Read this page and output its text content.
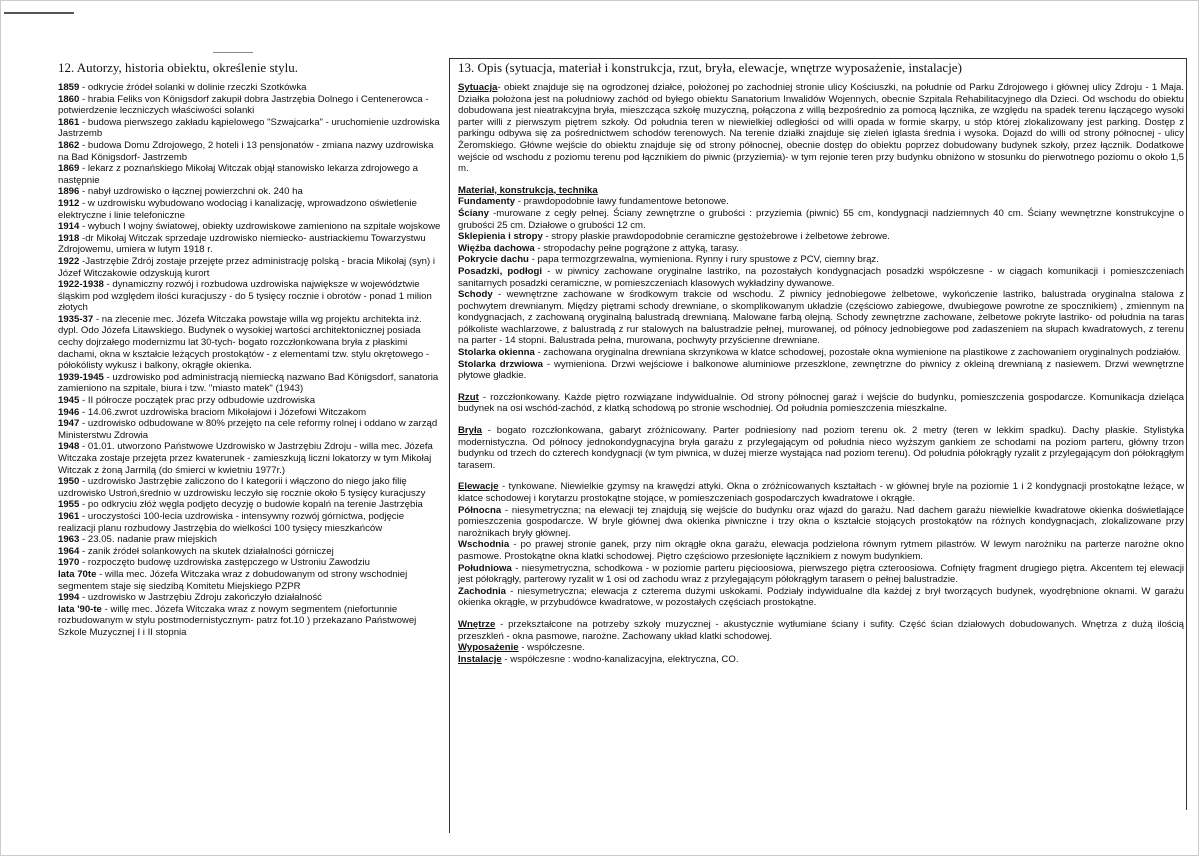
12. Autorzy, historia obiektu, określenie stylu.
1859 - odkrycie źródeł solanki w dolinie rzeczki Szotkówka
1860 - hrabia Feliks von Königsdorf zakupił dobra Jastrzębia Dolnego i Centenerowca - potwierdzenie leczniczych właściwości solanki
1861 - budowa pierwszego zakładu kąpielowego "Szwajcarka" - uruchomienie uzdrowiska Jastrzemb
1862 - budowa Domu Zdrojowego, 2 hoteli i 13 pensjonatów - zmiana nazwy uzdrowiska na Bad Königsdorf- Jastrzemb
1869 - lekarz z poznańskiego Mikołaj Witczak objął stanowisko lekarza zdrojowego a następnie
1896 - nabył uzdrowisko o łącznej powierzchni ok. 240 ha
1912 - w uzdrowisku wybudowano wodociąg i kanalizację, wprowadzono oświetlenie elektryczne i linie telefoniczne
1914 - wybuch I wojny światowej, obiekty uzdrowiskowe zamieniono na szpitale wojskowe
1918 -dr Mikołaj Witczak sprzedaje uzdrowisko niemiecko- austriackiemu Towarzystwu Zdrojowemu, umiera w lutym 1918 r.
1922 -Jastrzębie Zdrój zostaje przejęte przez administrację polską - bracia Mikołaj (syn) i Józef Witczakowie odzyskują kurort
1922-1938 - dynamiczny rozwój i rozbudowa uzdrowiska największe w województwie śląskim pod względem ilości kuracjuszy - do 5 tysięcy rocznie i obrotów - ponad 1 milion złotych
1935-37 - na zlecenie mec. Józefa Witczaka powstaje willa wg projektu architekta inż. dypl. Odo Józefa Litawskiego. Budynek o wysokiej wartości architektonicznej posiada cechy dojrzałego modernizmu lat 30-tych- bogato rozczłonkowana bryła z płaskimi dachami, okna w kształcie leżących prostokątów - z elementami tzw. stylu okrętowego - półokólisty wykusz i balkony, okrągłe okienka.
1939-1945 - uzdrowisko pod administracją niemiecką nazwano Bad Königsdorf, sanatoria zamieniono na szpitale, biura i tzw. "miasto matek" (1943)
1945 - II półrocze początek prac przy odbudowie uzdrowiska
1946 - 14.06.zwrot uzdrowiska braciom Mikołajowi i Józefowi Witczakom
1947 - uzdrowisko odbudowane w 80% przejęto na cele reformy rolnej i oddano w zarząd Ministerstwu Zdrowia
1948 - 01.01. utworzono Państwowe Uzdrowisko w Jastrzębiu Zdroju - willa mec. Józefa Witczaka zostaje przejęta przez kwaterunek - zamieszkują liczni lokatorzy w tym Mikołaj Witczak z żoną Jarmilą (do śmierci w kwietniu 1977r.)
1950 - uzdrowisko Jastrzębie zaliczono do I kategorii i włączono do niego jako filię uzdrowisko Ustroń,średnio w uzdrowisku leczyło się rocznie około 5 tysięcy kuracjuszy
1955 - po odkryciu złóż węgla podjęto decyzję o budowie kopalń na terenie Jastrzębia
1961 - uroczystości 100-lecia uzdrowiska - intensywny rozwój górnictwa, podjęcie realizacji planu rozbudowy Jastrzębia do wielkości 100 tysięcy mieszkańców
1963 - 23.05. nadanie praw miejskich
1964 - zanik źródeł solankowych na skutek działalności górniczej
1970 - rozpoczęto budowę uzdrowiska zastępczego w Ustroniu Zawodziu
lata 70te - willa mec. Józefa Witczaka wraz z dobudowanym od strony wschodniej segmentem staje się siedzibą Komitetu Miejskiego PZPR
1994 - uzdrowisko w Jastrzębiu Zdroju zakończyło działalność
lata '90-te - willę mec. Józefa Witczaka wraz z nowym segmentem (niefortunnie rozbudowanym w stylu postmodernistycznym- patrz fot.10 ) przekazano Państwowej Szkole Muzycznej I i II stopnia
13. Opis (sytuacja, materiał i konstrukcja, rzut, bryła, elewacje, wnętrze wyposażenie, instalacje)

Sytuacja- obiekt znajduje się na ogrodzonej działce, położonej po zachodniej stronie ulicy Kościuszki, na południe od Parku Zdrojowego i głównej ulicy Zdroju - 1 Maja. Działka położona jest na południowy zachód od byłego obiektu Sanatorium Inwalidów Wojennych, obecnie Szpitala Rehabilitacyjnego dla Dzieci. Od wschodu do obiektu dobudowana jest nieatrakcyjna bryła, mieszcząca szkołę muzyczną, połączona z willą bezpośrednio za pomocą łącznika, ze względu na spadek terenu łączącego wysoki parter willi z pierwszym piętrem szkoły. Od południa teren w niewielkiej odległości od willi opada w formie skarpy, u stóp której zlokalizowany jest parking. Dostęp z parkingu odbywa się za pośrednictwem schodów terenowych. Na terenie działki znajduje się zieleń iglasta średnia i wysoka. Dojazd do willi od strony północnej - ulicy Żeromskiego. Główne wejście do obiektu znajduje się od strony północnej, obecnie dostęp do obiektu poprzez dobudowany budynek szkoły, przez łącznik. Dodatkowe wejście od wschodu z poziomu terenu pod łącznikiem do piwnic (przyziemia)- w tym rejonie teren przy budynku obniżono w stosunku do pierwotnego poziomu o około 1,5 m.

Materiał, konstrukcja, technika
Fundamenty - prawdopodobnie ławy fundamentowe betonowe.
Ściany -murowane z cegły pełnej. Ściany zewnętrzne o grubości : przyziemia (piwnic) 55 cm, kondygnacji nadziemnych 40 cm. Ściany wewnętrzne konstrukcyjne o grubości 25 cm. Działowe o grubości 12 cm.
Sklepienia i stropy - stropy płaskie prawdopodobnie ceramiczne gęstożebrowe i żelbetowe żebrowe.
Więźba dachowa - stropodachy pełne pogrążone z attyką, tarasy.
Pokrycie dachu - papa termozgrzewalna, wymieniona. Rynny i rury spustowe z PCV, ciemny brąz.
Posadzki, podłogi - w piwnicy zachowane oryginalne lastriko, na pozostałych kondygnacjach posadzki współczesne - w ciągach komunikacji i pomieszczeniach sanitarnych posadzki ceramiczne, w pomieszczeniach klasowych wykładziny dywanowe.
Schody - wewnętrzne zachowane w środkowym trakcie od wschodu. Z piwnicy jednobiegowe żelbetowe, wykończenie lastriko, balustrada oryginalna stalowa z pochwytem drewnianym. Między piętrami schody drewniane, o skomplikowanym układzie (częściowo zabiegowe, dwubiegowe powrotne ze spocznikiem) , zmiennym na kondygnacjach, z zachowaną oryginalną balustradą drewnianą. Malowane farbą olejną. Schody zewnętrzne zachowane, żelbetowe pokryte lastriko- od południa na taras półkoliste wachlarzowe, z balustradą z rur stalowych na balustradzie pełnej, murowanej, od północy jednobiegowe pod zadaszeniem na słupach kwadratowych, z terenu na parter - 14 stopni. Balustrada pełna, murowana, pochwyty przyścienne drewniane.
Stolarka okienna - zachowana oryginalna drewniana skrzynkowa w klatce schodowej, pozostałe okna wymienione na plastikowe z zachowaniem oryginalnych podziałów.
Stolarka drzwiowa - wymieniona. Drzwi wejściowe i balkonowe aluminiowe przeszklone, zewnętrzne do piwnicy z okleiną drewnianą z nasiewem. Drzwi wewnętrzne płytowe gładkie.

Rzut - rozczłonkowany. Każde piętro rozwiązane indywidualnie. Od strony północnej garaż i wejście do budynku, pomieszczenia gospodarcze. Komunikacja dzieląca budynek na osi wschód-zachód, z klatką schodową po stronie wschodniej. Od południa pomieszczenia mieszkalne.

Bryła - bogato rozczłonkowana, gabaryt zróżnicowany. Parter podniesiony nad poziom terenu ok. 2 metry (teren w lekkim spadku). Dachy płaskie. Stylistyka modernistyczna. Od północy jednokondygnacyjna bryła garażu z przylegającym od południa nieco wyższym gankiem ze schodami na poziom parteru, główny trzon budynku od trzech do czterech kondygnacji (w tym piwnica, w dużej mierze wystająca nad poziom terenu). Od południa półokrągły ryzalit z przylegającym doń półokrągłym tarasem.

Elewacje - tynkowane. Niewielkie gzymsy na krawędzi attyki. Okna o zróżnicowanych kształtach - w głównej bryle na poziomie 1 i 2 kondygnacji prostokątne leżące, w klatce schodowej i korytarzu prostokątne stojące, w pomieszczeniach gospodarczych kwadratowe i okrągłe.
Północna - niesymetryczna; na elewacji tej znajdują się wejście do budynku oraz wjazd do garażu. Nad dachem garażu niewielkie kwadratowe okienka doświetlające pomieszczenia gospodarcze. W bryle głównej dwa okienka piwniczne i trzy okna o kształcie stojących prostokątów na różnych kondygnacjach, zlokalizowane przy narożnikach bryły głównej.
Wschodnia - po prawej stronie ganek, przy nim okrągłe okna garażu, elewacja podzielona równym rytmem pilastrów. W lewym narożniku na parterze narożne okno pasmowe. Prostokątne okna klatki schodowej. Piętro częściowo przesłonięte łącznikiem z nowym budynkiem.
Południowa - niesymetryczna, schodkowa - w poziomie parteru pięcioosiowa, pierwszego piętra czteroosiowa. Cofnięty fragment drugiego piętra. Akcentem tej elewacji jest półokrągły, parterowy ryzalit w 1 osi od zachodu wraz z przylegającym półokrągłym tarasem o pełnej balustradzie.
Zachodnia - niesymetryczna; elewacja z czterema dużymi uskokami. Podziały indywidualne dla każdej z brył tworzących budynek, wyodrębnione oknami. W garażu okienka okrągłe, w przybudówce kwadratowe, w pozostałych częściach prostokątne.
Wnętrze - przekształcone na potrzeby szkoły muzycznej - akustycznie wytłumiane ściany i sufity. Część ścian działowych dobudowanych. Wnętrza z dużą ilością przeszkleń - okna pasmowe, narożne. Zachowany układ klatki schodowej.
Wyposażenie - współczesne.
Instalacje - współczesne : wodno-kanalizacyjna, elektryczna, CO.
